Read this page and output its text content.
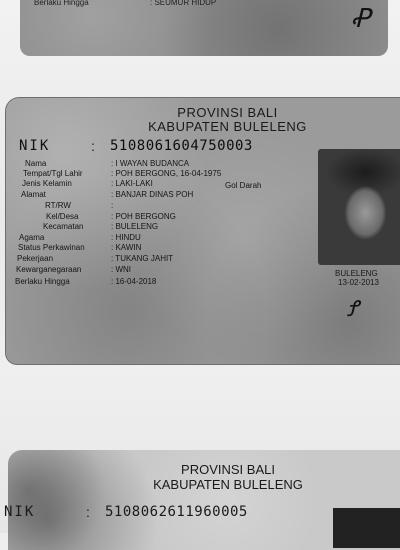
Berlaku Hingga	: SEUMUR HIDUP
Ꝓ
PROVINSI BALI
KABUPATEN BULELENG
NIK	: 5108061604750003
Nama	: I WAYAN BUDANCA
Tempat/Tgl Lahir	: POH BERGONG, 16-04-1975
Jenis Kelamin	: LAKI-LAKI	Gol Darah
Alamat	: BANJAR DINAS POH
RT/RW	:
Kel/Desa	: POH BERGONG
Kecamatan	: BULELENG
Agama	: HINDU
Status Perkawinan	: KAWIN
Pekerjaan	: TUKANG JAHIT
Kewarganegaraan	: WNI
Berlaku Hingga	: 16-04-2018
BULELENG
13-02-2013
Ꝭ
PROVINSI BALI
KABUPATEN BULELENG
NIK	: 5108062611960005
